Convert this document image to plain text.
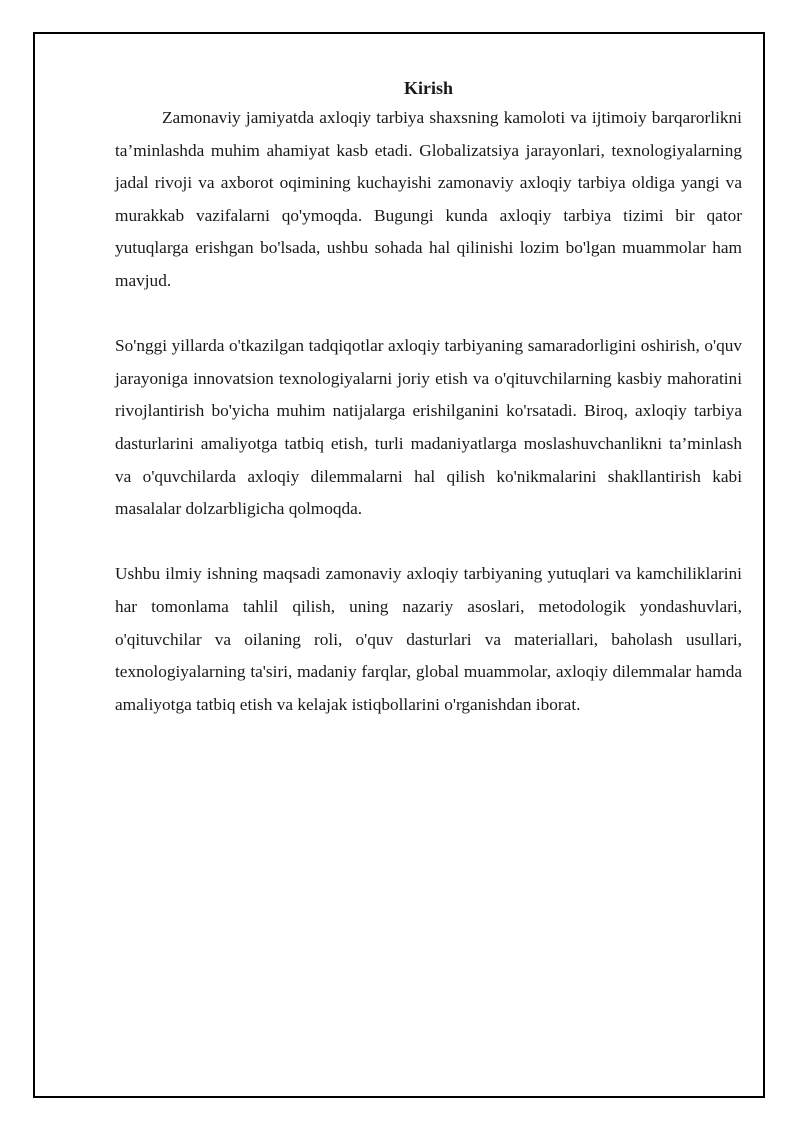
Kirish

Zamonaviy jamiyatda axloqiy tarbiya shaxsning kamoloti va ijtimoiy barqarorlikni ta’minlashda muhim ahamiyat kasb etadi. Globalizatsiya jarayonlari, texnologiyalarning jadal rivoji va axborot oqimining kuchayishi zamonaviy axloqiy tarbiya oldiga yangi va murakkab vazifalarni qo'ymoqda. Bugungi kunda axloqiy tarbiya tizimi bir qator yutuqlarga erishgan bo'lsada, ushbu sohada hal qilinishi lozim bo'lgan muammolar ham mavjud.

So'nggi yillarda o'tkazilgan tadqiqotlar axloqiy tarbiyaning samaradorligini oshirish, o'quv jarayoniga innovatsion texnologiyalarni joriy etish va o'qituvchilarning kasbiy mahoratini rivojlantirish bo'yicha muhim natijalarga erishilganini ko'rsatadi. Biroq, axloqiy tarbiya dasturlarini amaliyotga tatbiq etish, turli madaniyatlarga moslashuvchanlikni ta’minlash va o'quvchilarda axloqiy dilemmalarni hal qilish ko'nikmalarini shakllantirish kabi masalalar dolzarbligicha qolmoqda.

Ushbu ilmiy ishning maqsadi zamonaviy axloqiy tarbiyaning yutuqlari va kamchiliklarini har tomonlama tahlil qilish, uning nazariy asoslari, metodologik yondashuvlari, o'qituvchilar va oilaning roli, o'quv dasturlari va materiallari, baholash usullari, texnologiyalarning ta'siri, madaniy farqlar, global muammolar, axloqiy dilemmalar hamda amaliyotga tatbiq etish va kelajak istiqbollarini o'rganishdan iborat.
